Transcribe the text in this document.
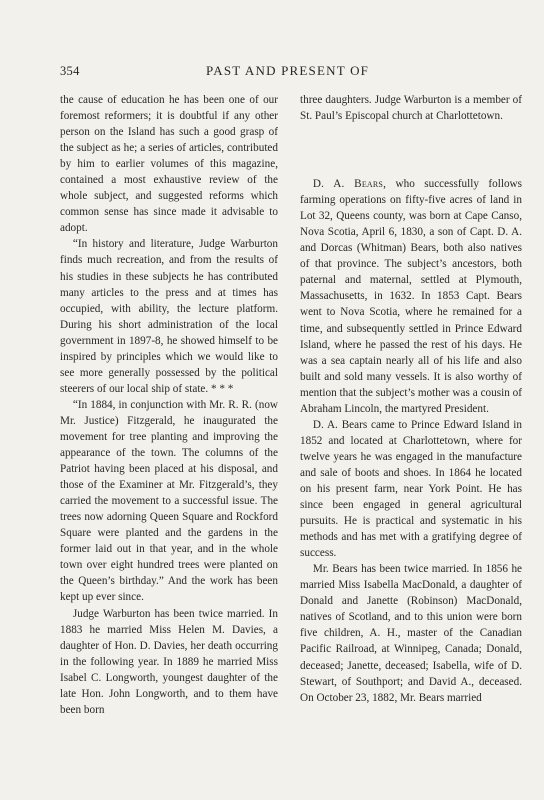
354	PAST AND PRESENT OF

the cause of education he has been one of our foremost reformers; it is doubtful if any other person on the Island has such a good grasp of the subject as he; a series of articles, contributed by him to earlier volumes of this magazine, contained a most exhaustive review of the whole subject, and suggested reforms which common sense has since made it advisable to adopt.

“In history and literature, Judge Warburton finds much recreation, and from the results of his studies in these subjects he has contributed many articles to the press and at times has occupied, with ability, the lecture platform. During his short administration of the local government in 1897-8, he showed himself to be inspired by principles which we would like to see more generally possessed by the political steerers of our local ship of state. * * *

“In 1884, in conjunction with Mr. R. R. (now Mr. Justice) Fitzgerald, he inaugurated the movement for tree planting and improving the appearance of the town. The columns of the Patriot having been placed at his disposal, and those of the Examiner at Mr. Fitzgerald’s, they carried the movement to a successful issue. The trees now adorning Queen Square and Rockford Square were planted and the gardens in the former laid out in that year, and in the whole town over eight hundred trees were planted on the Queen’s birthday.” And the work has been kept up ever since.

Judge Warburton has been twice married. In 1883 he married Miss Helen M. Davies, a daughter of Hon. D. Davies, her death occurring in the following year. In 1889 he married Miss Isabel C. Longworth, youngest daughter of the late Hon. John Longworth, and to them have been born

three daughters. Judge Warburton is a member of St. Paul’s Episcopal church at Charlottetown.

D. A. Bears, who successfully follows farming operations on fifty-five acres of land in Lot 32, Queens county, was born at Cape Canso, Nova Scotia, April 6, 1830, a son of Capt. D. A. and Dorcas (Whitman) Bears, both also natives of that province. The subject’s ancestors, both paternal and maternal, settled at Plymouth, Massachusetts, in 1632. In 1853 Capt. Bears went to Nova Scotia, where he remained for a time, and subsequently settled in Prince Edward Island, where he passed the rest of his days. He was a sea captain nearly all of his life and also built and sold many vessels. It is also worthy of mention that the subject’s mother was a cousin of Abraham Lincoln, the martyred President.

D. A. Bears came to Prince Edward Island in 1852 and located at Charlottetown, where for twelve years he was engaged in the manufacture and sale of boots and shoes. In 1864 he located on his present farm, near York Point. He has since been engaged in general agricultural pursuits. He is practical and systematic in his methods and has met with a gratifying degree of success.

Mr. Bears has been twice married. In 1856 he married Miss Isabella MacDonald, a daughter of Donald and Janette (Robinson) MacDonald, natives of Scotland, and to this union were born five children, A. H., master of the Canadian Pacific Railroad, at Winnipeg, Canada; Donald, deceased; Janette, deceased; Isabella, wife of D. Stewart, of Southport; and David A., deceased. On October 23, 1882, Mr. Bears married
